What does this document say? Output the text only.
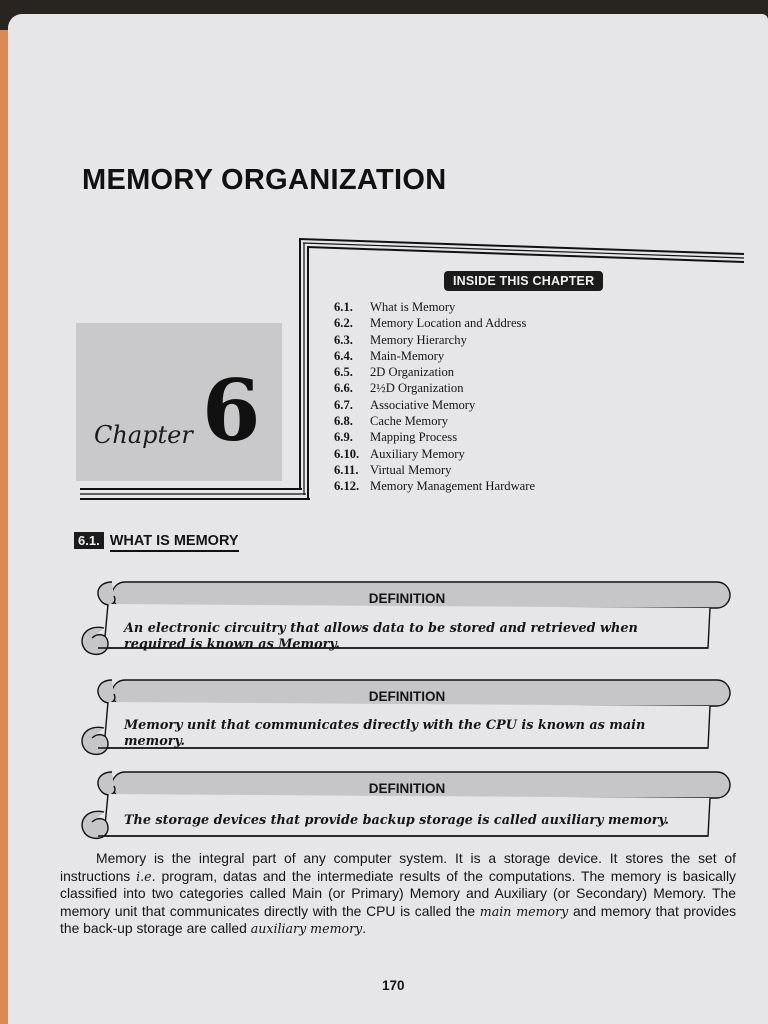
MEMORY ORGANIZATION
Chapter 6
INSIDE THIS CHAPTER
6.1. What is Memory
6.2. Memory Location and Address
6.3. Memory Hierarchy
6.4. Main-Memory
6.5. 2D Organization
6.6. 2½D Organization
6.7. Associative Memory
6.8. Cache Memory
6.9. Mapping Process
6.10. Auxiliary Memory
6.11. Virtual Memory
6.12. Memory Management Hardware
6.1. WHAT IS MEMORY
DEFINITION
An electronic circuitry that allows data to be stored and retrieved when required is known as Memory.
DEFINITION
Memory unit that communicates directly with the CPU is known as main memory.
DEFINITION
The storage devices that provide backup storage is called auxiliary memory.

Memory is the integral part of any computer system. It is a storage device. It stores the set of instructions i.e. program, datas and the intermediate results of the computations. The memory is basically classified into two categories called Main (or Primary) Memory and Auxiliary (or Secondary) Memory. The memory unit that communicates directly with the CPU is called the main memory and memory that provides the back-up storage are called auxiliary memory.

170
